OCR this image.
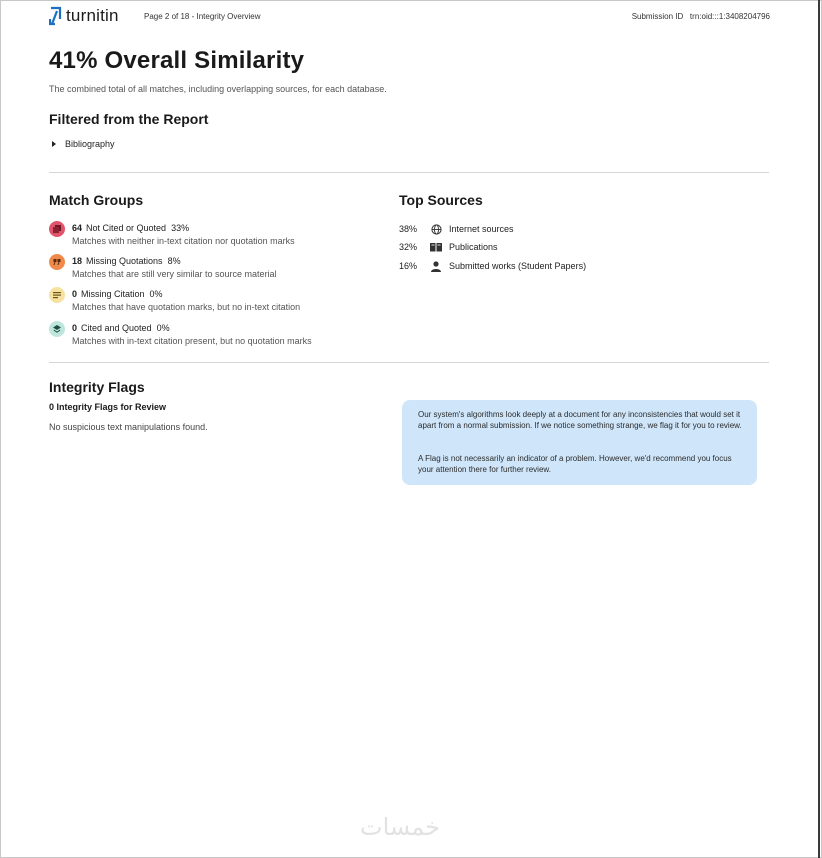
turnitin	Page 2 of 18 - Integrity Overview	Submission ID   trn:oid:::1:3408204796
41% Overall Similarity
The combined total of all matches, including overlapping sources, for each database.
Filtered from the Report
Bibliography
Match Groups
64 Not Cited or Quoted 33%
Matches with neither in-text citation nor quotation marks
18 Missing Quotations 8%
Matches that are still very similar to source material
0 Missing Citation 0%
Matches that have quotation marks, but no in-text citation
0 Cited and Quoted 0%
Matches with in-text citation present, but no quotation marks
Top Sources
38%	Internet sources
32%	Publications
16%	Submitted works (Student Papers)
Integrity Flags
0 Integrity Flags for Review
No suspicious text manipulations found.

Our system's algorithms look deeply at a document for any inconsistencies that would set it apart from a normal submission. If we notice something strange, we flag it for you to review.

A Flag is not necessarily an indicator of a problem. However, we'd recommend you focus your attention there for further review.

خمسات
